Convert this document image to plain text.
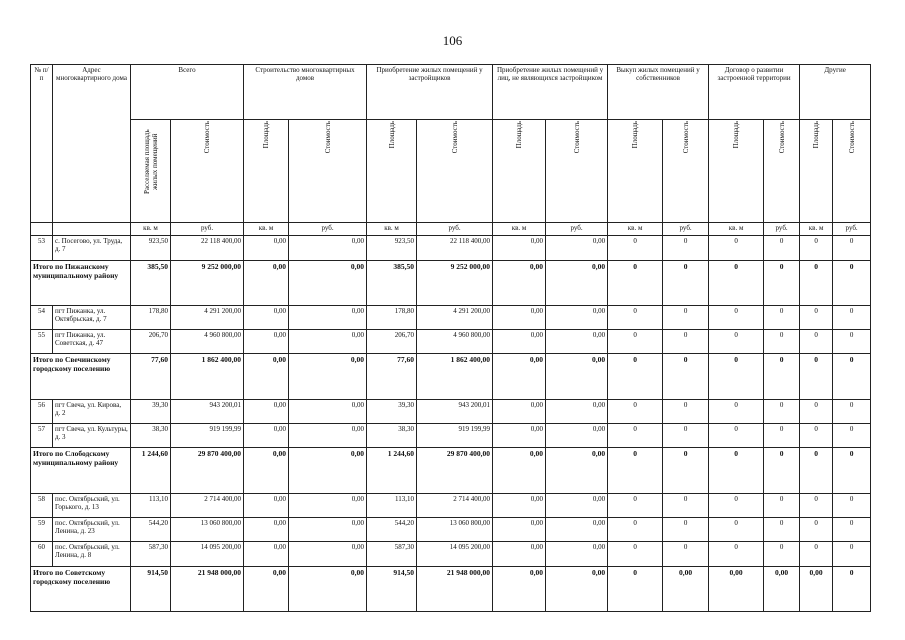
106
№ п/п	Адрес многоквартирного дома	Всего		Строительство многоквартирных домов		Приобретение жилых помещений у застройщиков		Приобретение жилых помещений у лиц, не являющихся застройщиком		Выкуп жилых помещений у собственников		Договор о развитии застроенной территории		Другие	
		Расселяемая площадь жилых помещений	Стоимость	Площадь	Стоимость	Площадь	Стоимость	Площадь	Стоимость	Площадь	Стоимость	Площадь	Стоимость	Площадь	Стоимость
		кв. м	руб.	кв. м	руб.	кв. м	руб.	кв. м	руб.	кв. м	руб.	кв. м	руб.	кв. м	руб.
53	с. Посегово, ул. Труда, д. 7	923,50	22 118 400,00	0,00	0,00	923,50	22 118 400,00	0,00	0,00	0	0	0	0	0	0
Итого по Пижанскому муниципальному району		385,50	9 252 000,00	0,00	0,00	385,50	9 252 000,00	0,00	0,00	0	0	0	0	0	0
54	пгт Пижанка, ул. Октябрьская, д. 7	178,80	4 291 200,00	0,00	0,00	178,80	4 291 200,00	0,00	0,00	0	0	0	0	0	0
55	пгт Пижанка, ул. Советская, д. 47	206,70	4 960 800,00	0,00	0,00	206,70	4 960 800,00	0,00	0,00	0	0	0	0	0	0
Итого по Свечинскому городскому поселению		77,60	1 862 400,00	0,00	0,00	77,60	1 862 400,00	0,00	0,00	0	0	0	0	0	0
56	пгт Свеча, ул. Кирова, д. 2	39,30	943 200,01	0,00	0,00	39,30	943 200,01	0,00	0,00	0	0	0	0	0	0
57	пгт Свеча, ул. Культуры, д. 3	38,30	919 199,99	0,00	0,00	38,30	919 199,99	0,00	0,00	0	0	0	0	0	0
Итого по Слободскому муниципальному району		1 244,60	29 870 400,00	0,00	0,00	1 244,60	29 870 400,00	0,00	0,00	0	0	0	0	0	0
58	пос. Октябрьский, ул. Горького, д. 13	113,10	2 714 400,00	0,00	0,00	113,10	2 714 400,00	0,00	0,00	0	0	0	0	0	0
59	пос. Октябрьский, ул. Ленина, д. 23	544,20	13 060 800,00	0,00	0,00	544,20	13 060 800,00	0,00	0,00	0	0	0	0	0	0
60	пос. Октябрьский, ул. Ленина, д. 8	587,30	14 095 200,00	0,00	0,00	587,30	14 095 200,00	0,00	0,00	0	0	0	0	0	0
Итого по Советскому городскому поселению		914,50	21 948 000,00	0,00	0,00	914,50	21 948 000,00	0,00	0,00	0	0,00	0,00	0,00	0,00	0
